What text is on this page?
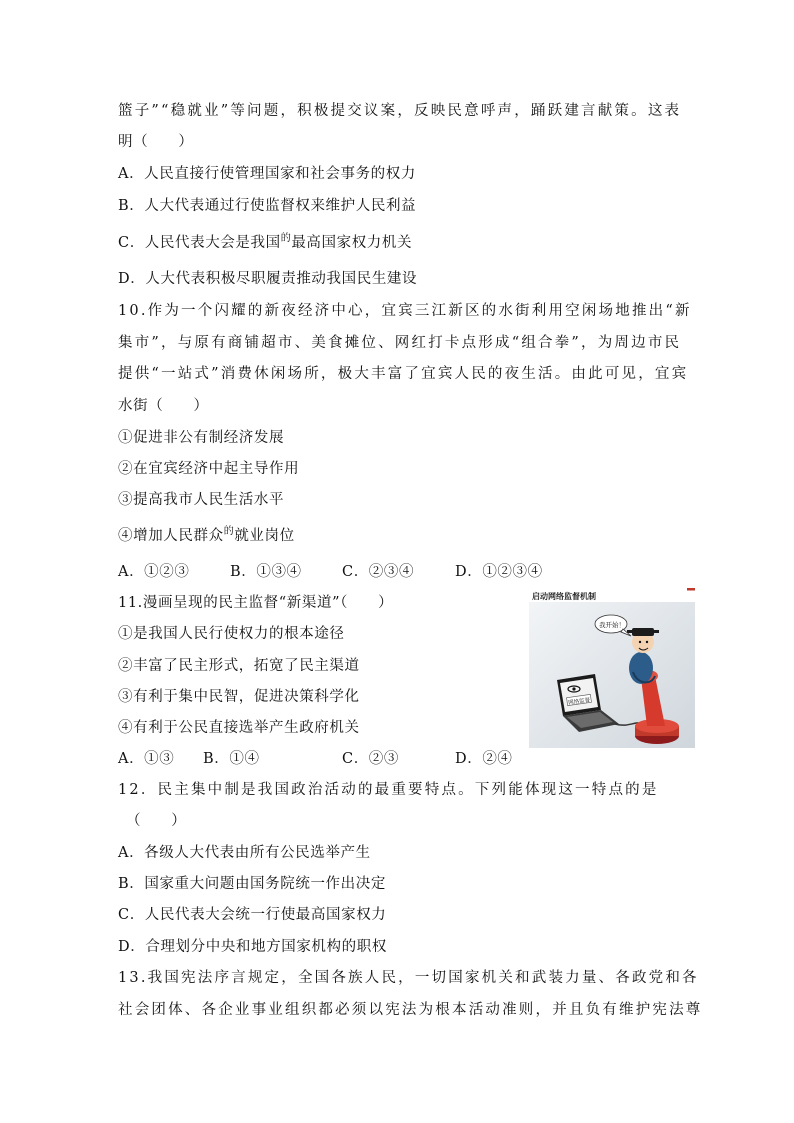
篮子”“稳就业”等问题，积极提交议案，反映民意呼声，踊跃建言献策。这表
明（　　）
A．人民直接行使管理国家和社会事务的权力
B．人大代表通过行使监督权来维护人民利益
C．人民代表大会是我国$^的$最高国家权力机关
D．人大代表积极尽职履责推动我国民生建设
10.作为一个闪耀的新夜经济中心，宜宾三江新区的水街利用空闲场地推出“新
集市”，与原有商铺超市、美食摊位、网红打卡点形成“组合拳”，为周边市民
提供“一站式”消费休闲场所，极大丰富了宜宾人民的夜生活。由此可见，宜宾
水街（　　）
①促进非公有制经济发展
②在宜宾经济中起主导作用
③提高我市人民生活水平
④增加人民群众$^的$就业岗位
A．①②③	B．①③④	C．②③④	D．①②③④
11.漫画呈现的民主监督“新渠道”（　　）
①是我国人民行使权力的根本途径
②丰富了民主形式，拓宽了民主渠道
③有利于集中民智，促进决策科学化
④有利于公民直接选举产生政府机关
A．①③ B．①④	C．②③	D．②④
启动网络监督机制
网络监督
我开始！
12．民主集中制是我国政治活动的最重要特点。下列能体现这一特点的是
（　　）
A．各级人大代表由所有公民选举产生
B．国家重大问题由国务院统一作出决定
C．人民代表大会统一行使最高国家权力
D．合理划分中央和地方国家机构的职权
13.我国宪法序言规定，全国各族人民，一切国家机关和武装力量、各政党和各
社会团体、各企业事业组织都必须以宪法为根本活动准则，并且负有维护宪法尊
